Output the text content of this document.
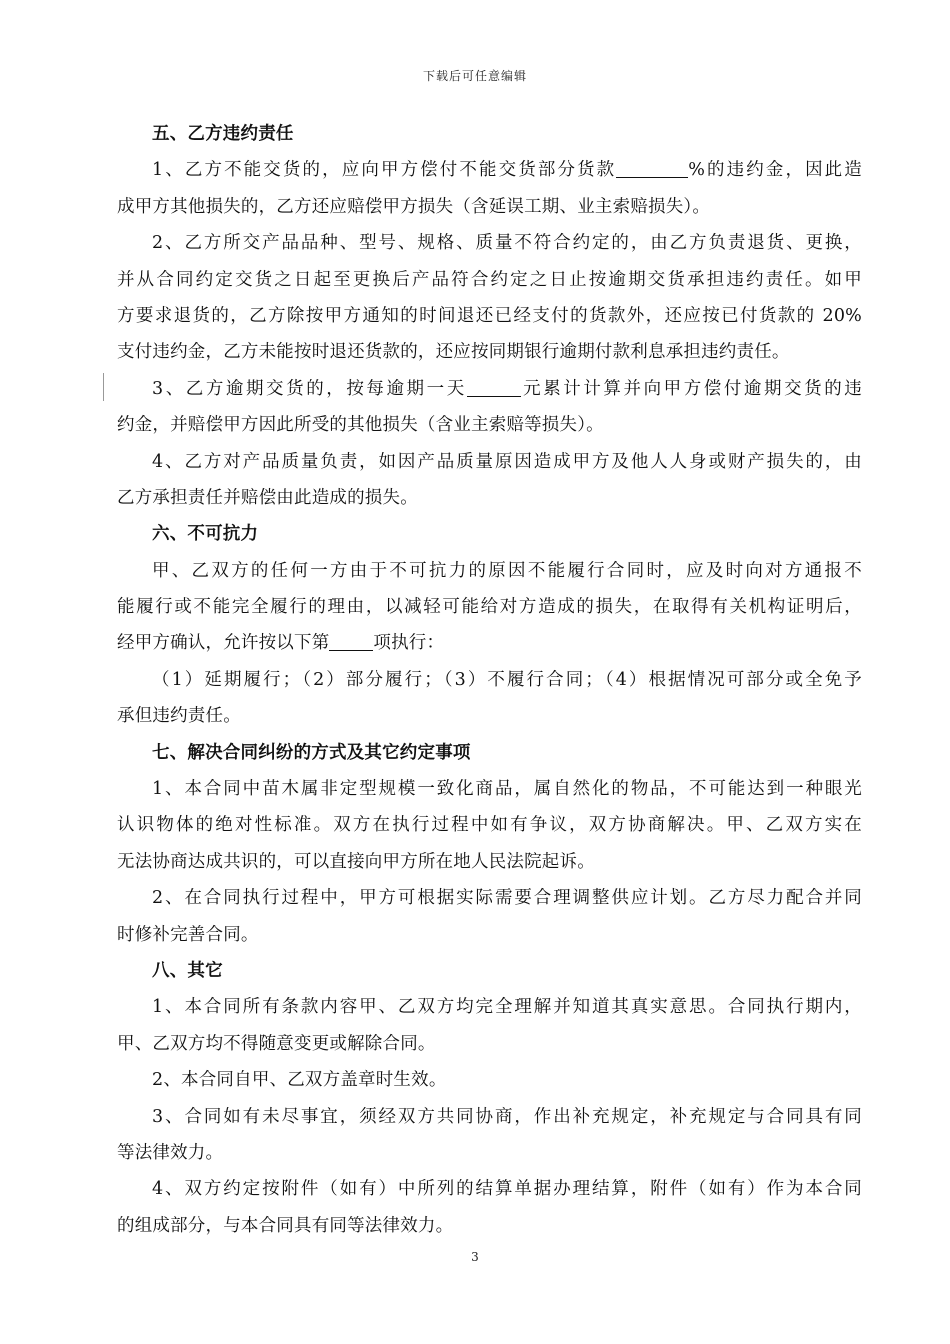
下载后可任意编辑
五、乙方违约责任
1、乙方不能交货的，应向甲方偿付不能交货部分货款	%的违约金，因此造
成甲方其他损失的，乙方还应赔偿甲方损失（含延误工期、业主索赔损失）。
2、乙方所交产品品种、型号、规格、质量不符合约定的，由乙方负责退货、更换，
并从合同约定交货之日起至更换后产品符合约定之日止按逾期交货承担违约责任。如甲
方要求退货的，乙方除按甲方通知的时间退还已经支付的货款外，还应按已付货款的 20%
支付违约金，乙方未能按时退还货款的，还应按同期银行逾期付款利息承担违约责任。
3、乙方逾期交货的，按每逾期一天	元累计计算并向甲方偿付逾期交货的违
约金，并赔偿甲方因此所受的其他损失（含业主索赔等损失）。
4、乙方对产品质量负责，如因产品质量原因造成甲方及他人人身或财产损失的，由
乙方承担责任并赔偿由此造成的损失。
六、不可抗力
甲、乙双方的任何一方由于不可抗力的原因不能履行合同时，应及时向对方通报不
能履行或不能完全履行的理由，以减轻可能给对方造成的损失，在取得有关机构证明后，
经甲方确认，允许按以下第	项执行：
（1）延期履行；（2）部分履行；（3）不履行合同；（4）根据情况可部分或全免予
承但违约责任。
七、解决合同纠纷的方式及其它约定事项
1、本合同中苗木属非定型规模一致化商品，属自然化的物品，不可能达到一种眼光
认识物体的绝对性标准。双方在执行过程中如有争议，双方协商解决。甲、乙双方实在
无法协商达成共识的，可以直接向甲方所在地人民法院起诉。
2、在合同执行过程中，甲方可根据实际需要合理调整供应计划。乙方尽力配合并同
时修补完善合同。
八、其它
1、本合同所有条款内容甲、乙双方均完全理解并知道其真实意思。合同执行期内，
甲、乙双方均不得随意变更或解除合同。
2、本合同自甲、乙双方盖章时生效。
3、合同如有未尽事宜，须经双方共同协商，作出补充规定，补充规定与合同具有同
等法律效力。
4、双方约定按附件（如有）中所列的结算单据办理结算，附件（如有）作为本合同
的组成部分，与本合同具有同等法律效力。
3
